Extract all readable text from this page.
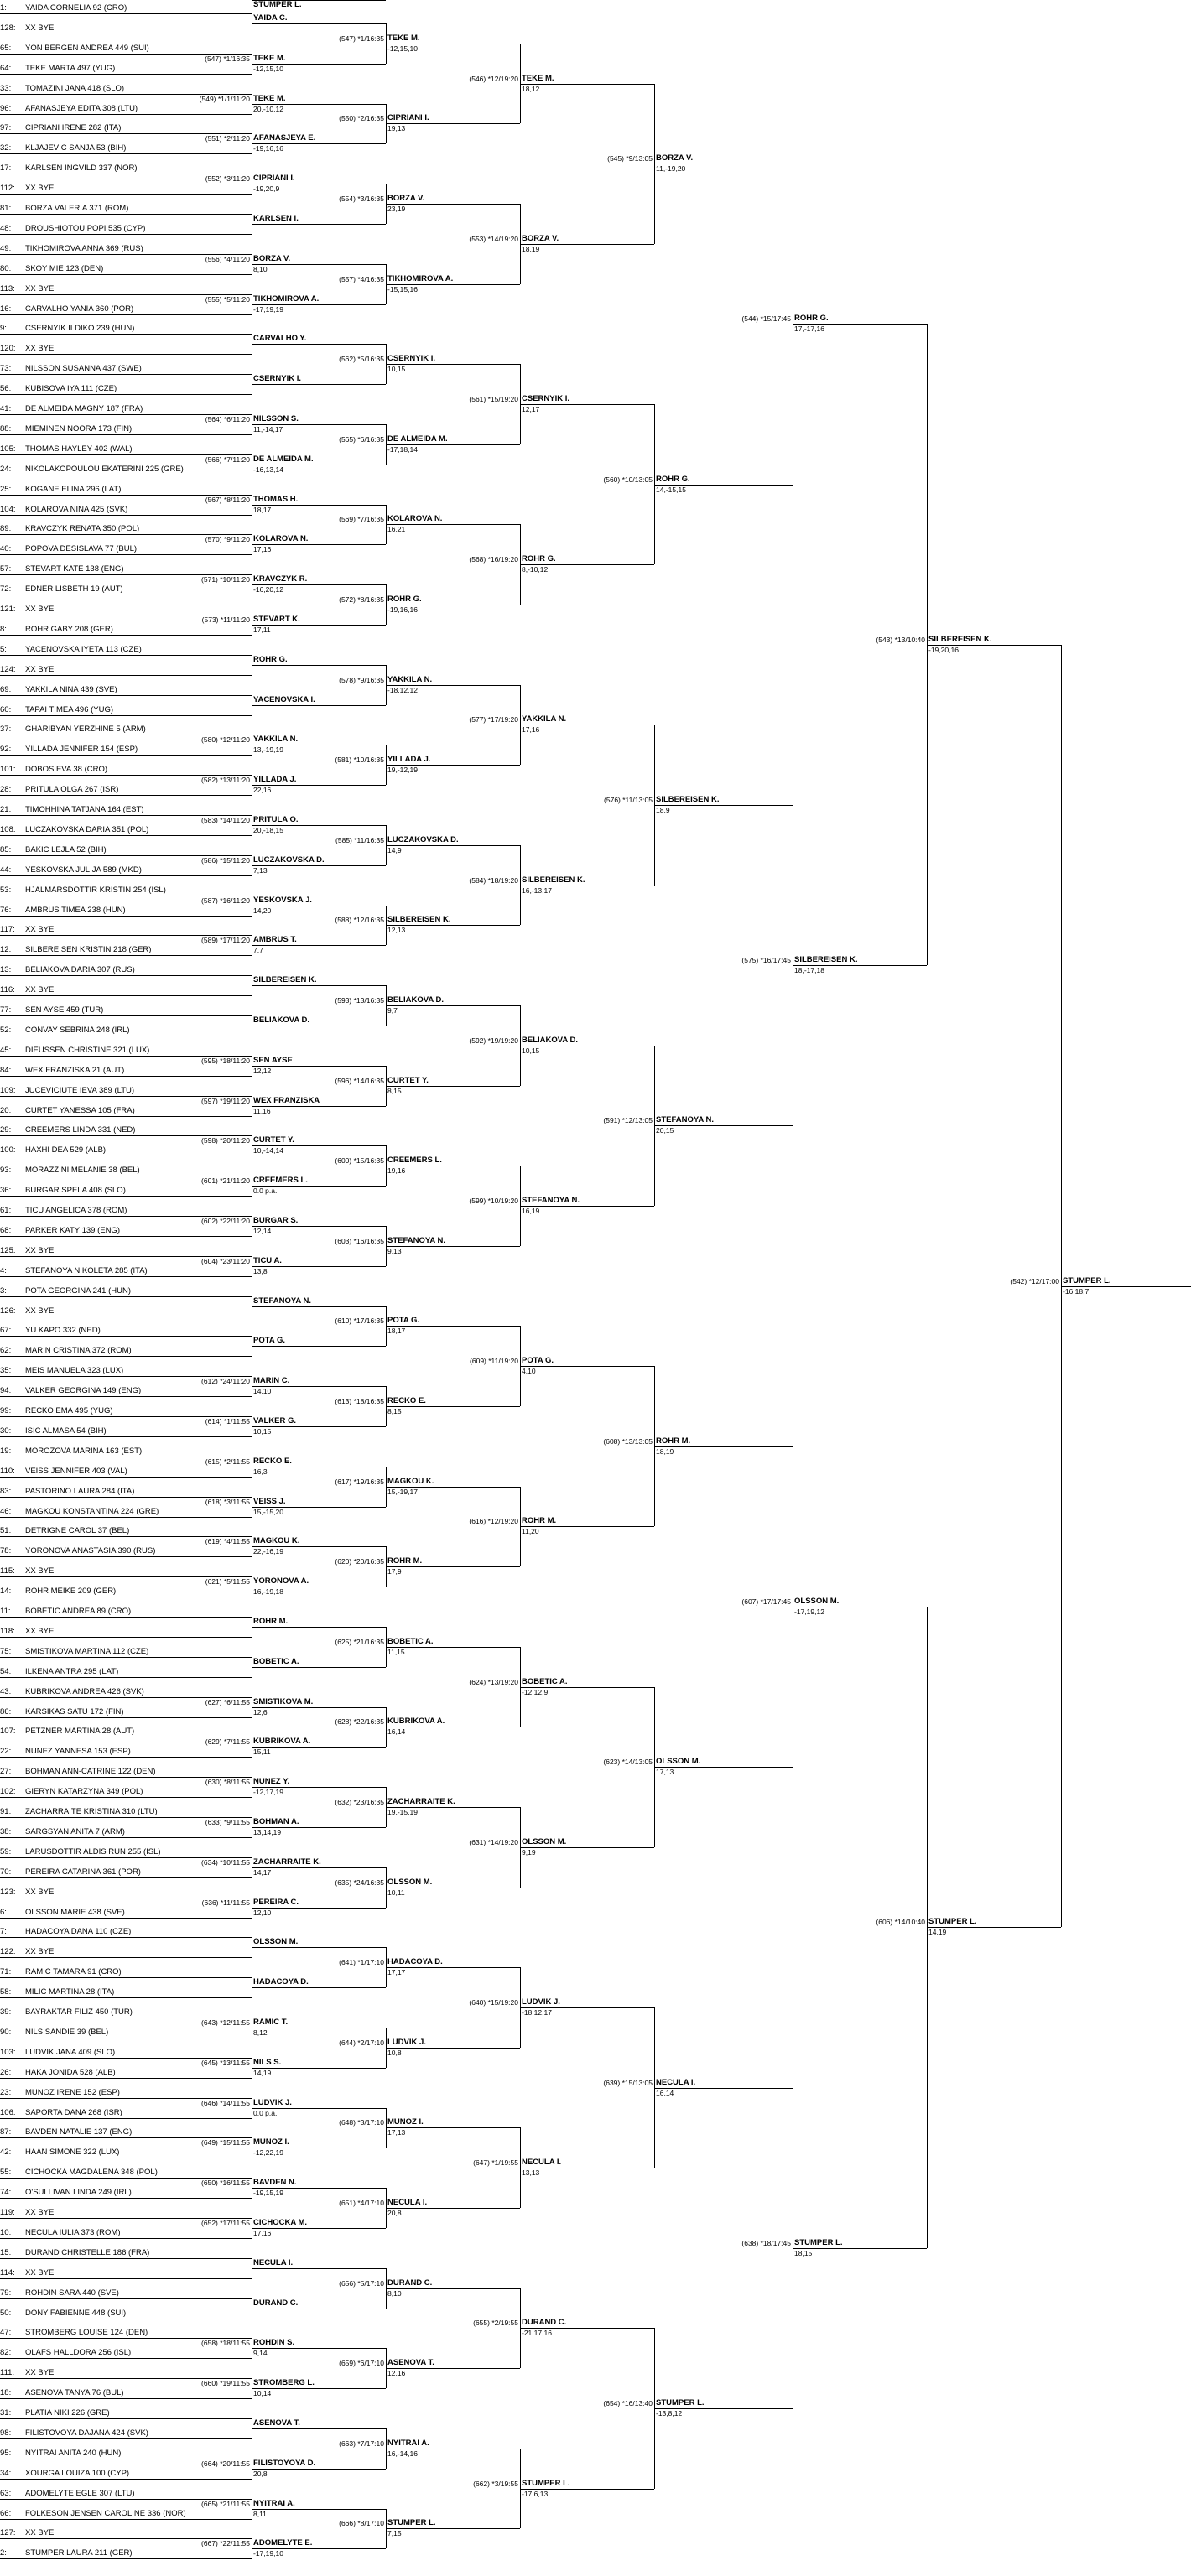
1: YAIDA CORNELIA 92 (CRO)
128: XX BYE
65: YON BERGEN ANDREA 449 (SUI)
64: TEKE MARTA 497 (YUG)
33: TOMAZINI JANA 418 (SLO)
96: AFANASJEYA EDITA 308 (LTU)
97: CIPRIANI IRENE 282 (ITA)
32: KLJAJEVIC SANJA 53 (BIH)
17: KARLSEN INGVILD 337 (NOR)
112: XX BYE
81: BORZA VALERIA 371 (ROM)
48: DROUSHIOTOU POPI 535 (CYP)
49: TIKHOMIROVA ANNA 369 (RUS)
80: SKOY MIE 123 (DEN)
113: XX BYE
16: CARVALHO YANIA 360 (POR)
9: CSERNYIK ILDIKO 239 (HUN)
120: XX BYE
73: NILSSON SUSANNA 437 (SWE)
56: KUBISOVA IYA 111 (CZE)
41: DE ALMEIDA MAGNY 187 (FRA)
88: MIEMINEN NOORA 173 (FIN)
105: THOMAS HAYLEY 402 (WAL)
24: NIKOLAKOPOULOU EKATERINI 225 (GRE)
25: KOGANE ELINA 296 (LAT)
104: KOLAROVA NINA 425 (SVK)
89: KRAVCZYK RENATA 350 (POL)
40: POPOVA DESISLAVA 77 (BUL)
57: STEVART KATE 138 (ENG)
72: EDNER LISBETH 19 (AUT)
121: XX BYE
8: ROHR GABY 208 (GER)
5: YACENOVSKA IYETA 113 (CZE)
124: XX BYE
69: YAKKILA NINA 439 (SVE)
60: TAPAI TIMEA 496 (YUG)
37: GHARIBYAN YERZHINE 5 (ARM)
92: YILLADA JENNIFER 154 (ESP)
101: DOBOS EVA 38 (CRO)
28: PRITULA OLGA 267 (ISR)
21: TIMOHHINA TATJANA 164 (EST)
108: LUCZAKOVSKA DARIA 351 (POL)
85: BAKIC LEJLA 52 (BIH)
44: YESKOVSKA JULIJA 589 (MKD)
53: HJALMARSDOTTIR KRISTIN 254 (ISL)
76: AMBRUS TIMEA 238 (HUN)
117: XX BYE
12: SILBEREISEN KRISTIN 218 (GER)
13: BELIAKOVA DARIA 307 (RUS)
116: XX BYE
77: SEN AYSE 459 (TUR)
52: CONVAY SEBRINA 248 (IRL)
45: DIEUSSEN CHRISTINE 321 (LUX)
84: WEX FRANZISKA 21 (AUT)
109: JUCEVICIUTE IEVA 389 (LTU)
20: CURTET YANESSA 105 (FRA)
29: CREEMERS LINDA 331 (NED)
100: HAXHI DEA 529 (ALB)
93: MORAZZINI MELANIE 38 (BEL)
36: BURGAR SPELA 408 (SLO)
61: TICU ANGELICA 378 (ROM)
68: PARKER KATY 139 (ENG)
125: XX BYE
4: STEFANOYA NIKOLETA 285 (ITA)
3: POTA GEORGINA 241 (HUN)
126: XX BYE
67: YU KAPO 332 (NED)
62: MARIN CRISTINA 372 (ROM)
35: MEIS MANUELA 323 (LUX)
94: VALKER GEORGINA 149 (ENG)
99: RECKO EMA 495 (YUG)
30: ISIC ALMASA 54 (BIH)
19: MOROZOVA MARINA 163 (EST)
110: VEISS JENNIFER 403 (VAL)
83: PASTORINO LAURA 284 (ITA)
46: MAGKOU KONSTANTINA 224 (GRE)
51: DETRIGNE CAROL 37 (BEL)
78: YORONOVA ANASTASIA 390 (RUS)
115: XX BYE
14: ROHR MEIKE 209 (GER)
11: BOBETIC ANDREA 89 (CRO)
118: XX BYE
75: SMISTIKOVA MARTINA 112 (CZE)
54: ILKENA ANTRA 295 (LAT)
43: KUBRIKOVA ANDREA 426 (SVK)
86: KARSIKAS SATU 172 (FIN)
107: PETZNER MARTINA 28 (AUT)
22: NUNEZ YANNESA 153 (ESP)
27: BOHMAN ANN-CATRINE 122 (DEN)
102: GIERYN KATARZYNA 349 (POL)
91: ZACHARRAITE KRISTINA 310 (LTU)
38: SARGSYAN ANITA 7 (ARM)
59: LARUSDOTTIR ALDIS RUN 255 (ISL)
70: PEREIRA CATARINA 361 (POR)
123: XX BYE
6: OLSSON MARIE 438 (SVE)
7: HADACOYA DANA 110 (CZE)
122: XX BYE
71: RAMIC TAMARA 91 (CRO)
58: MILIC MARTINA 28 (ITA)
39: BAYRAKTAR FILIZ 450 (TUR)
90: NILS SANDIE 39 (BEL)
103: LUDVIK JANA 409 (SLO)
26: HAKA JONIDA 528 (ALB)
23: MUNOZ IRENE 152 (ESP)
106: SAPORTA DANA 268 (ISR)
87: BAVDEN NATALIE 137 (ENG)
42: HAAN SIMONE 322 (LUX)
55: CICHOCKA MAGDALENA 348 (POL)
74: O'SULLIVAN LINDA 249 (IRL)
119: XX BYE
10: NECULA IULIA 373 (ROM)
15: DURAND CHRISTELLE 186 (FRA)
114: XX BYE
79: ROHDIN SARA 440 (SVE)
50: DONY FABIENNE 448 (SUI)
47: STROMBERG LOUISE 124 (DEN)
82: OLAFS HALLDORA 256 (ISL)
111: XX BYE
18: ASENOVA TANYA 76 (BUL)
31: PLATIA NIKI 226 (GRE)
98: FILISTOVOYA DAJANA 424 (SVK)
95: NYITRAI ANITA 240 (HUN)
34: XOURGA LOUIZA 100 (CYP)
63: ADOMELYTE EGLE 307 (LTU)
66: FOLKESON JENSEN CAROLINE 336 (NOR)
127: XX BYE
2: STUMPER LAURA 211 (GER)
YAIDA C.
(547) *1/16:35 TEKE M.
-12,15,10
(549) *1/1/11:20 TEKE M.
20,-10,12
(551) *2/11:20 AFANASJEYA E.
-19,16,16
(552) *3/11:20 CIPRIANI I.
-19,20,9
KARLSEN I.
(556) *4/11:20 BORZA V.
8,10
(555) *5/11:20 TIKHOMIROVA A.
-17,19,19
CARVALHO Y.
CSERNYIK I.
(564) *6/11:20 NILSSON S.
11,-14,17
(566) *7/11:20 DE ALMEIDA M.
-16,13,14
(567) *8/11:20 THOMAS H.
18,17
(570) *9/11:20 KOLAROVA N.
17,16
(571) *10/11:20 KRAVCZYK R.
-16,20,12
(573) *11/11:20 STEVART K.
17,11
ROHR G.
YACENOVSKA I.
(580) *12/11:20 YAKKILA N.
13,-19,19
(582) *13/11:20 YILLADA J.
22,16
(583) *14/11:20 PRITULA O.
20,-18,15
(586) *15/11:20 LUCZAKOVSKA D.
7,13
(587) *16/11:20 YESKOVSKA J.
14,20
(589) *17/11:20 AMBRUS T.
7,7
SILBEREISEN K.
BELIAKOVA D.
(595) *18/11:20 SEN AYSE
12,12
(597) *19/11:20 WEX FRANZISKA
11,16
(598) *20/11:20 CURTET Y.
10,-14,14
(601) *21/11:20 CREEMERS L.
0.0 p.a.
(602) *22/11:20 BURGAR S.
12,14
(604) *23/11:20 TICU A.
13,8
STEFANOYA N.
POTA G.
(612) *24/11:20 MARIN C.
14,10
(614) *1/11:55 VALKER G.
10,15
(615) *2/11:55 RECKO E.
16,3
(618) *3/11:55 VEISS J.
15,-15,20
(619) *4/11:55 MAGKOU K.
22,-16,19
(621) *5/11:55 YORONOVA A.
16,-19,18
ROHR M.
BOBETIC A.
(627) *6/11:55 SMISTIKOVA M.
12,6
(629) *7/11:55 KUBRIKOVA A.
15,11
(630) *8/11:55 NUNEZ Y.
-12,17,19
(633) *9/11:55 BOHMAN A.
13,14,19
(634) *10/11:55 ZACHARRAITE K.
14,17
(636) *11/11:55 PEREIRA C.
12,10
OLSSON M.
HADACOYA D.
(643) *12/11:55 RAMIC T.
8,12
(645) *13/11:55 NILS S.
14,19
(646) *14/11:55 LUDVIK J.
0.0 p.a.
(649) *15/11:55 MUNOZ I.
-12,22,19
(650) *16/11:55 BAVDEN N.
-19,15,19
(652) *17/11:55 CICHOCKA M.
17,16
NECULA I.
DURAND C.
(658) *18/11:55 ROHDIN S.
9,14
(660) *19/11:55 STROMBERG L.
10,14
ASENOVA T.
(664) *20/11:55 FILISTOYOYA D.
20,8
(665) *21/11:55 NYITRAI A.
8,11
(667) *22/11:55 ADOMELYTE E.
-17,19,10
STUMPER L.
(547) *1/16:35 TEKE M.
-12,15,10
(550) *2/16:35 CIPRIANI I.
19,13
(554) *3/16:35 BORZA V.
23,19
(557) *4/16:35 TIKHOMIROVA A.
-15,15,16
(562) *5/16:35 CSERNYIK I.
10,15
(565) *6/16:35 DE ALMEIDA M.
-17,18,14
(569) *7/16:35 KOLAROVA N.
16,21
(572) *8/16:35 ROHR G.
-19,16,16
(578) *9/16:35 YAKKILA N.
-18,12,12
(581) *10/16:35 YILLADA J.
19,-12,19
(585) *11/16:35 LUCZAKOVSKA D.
14,9
(588) *12/16:35 SILBEREISEN K.
12,13
(593) *13/16:35 BELIAKOVA D.
9,7
(596) *14/16:35 CURTET Y.
8,15
(600) *15/16:35 CREEMERS L.
19,16
(603) *16/16:35 STEFANOYA N.
9,13
(610) *17/16:35 POTA G.
18,17
(613) *18/16:35 RECKO E.
8,15
(617) *19/16:35 MAGKOU K.
15,-19,17
(620) *20/16:35 ROHR M.
17,9
(625) *21/16:35 BOBETIC A.
11,15
(628) *22/16:35 KUBRIKOVA A.
16,14
(632) *23/16:35 ZACHARRAITE K.
19,-15,19
(635) *24/16:35 OLSSON M.
10,11
(641) *1/17:10 HADACOYA D.
17,17
(644) *2/17:10 LUDVIK J.
10,8
(648) *3/17:10 MUNOZ I.
17,13
(651) *4/17:10 NECULA I.
20,8
(656) *5/17:10 DURAND C.
8,10
(659) *6/17:10 ASENOVA T.
12,16
(663) *7/17:10 NYITRAI A.
16,-14,16
(666) *8/17:10 STUMPER L.
7,15
(546) *12/19:20 TEKE M.
18,12
(553) *14/19:20 BORZA V.
18,19
(561) *15/19:20 CSERNYIK I.
12,17
(568) *16/19:20 ROHR G.
8,-10,12
(577) *17/19:20 YAKKILA N.
17,16
(584) *18/19:20 SILBEREISEN K.
16,-13,17
(592) *19/19:20 BELIAKOVA D.
10,15
(599) *10/19:20 STEFANOYA N.
16,19
(609) *11/19:20 POTA G.
4,10
(616) *12/19:20 ROHR M.
11,20
(624) *13/19:20 BOBETIC A.
-12,12,9
(631) *14/19:20 OLSSON M.
9,19
(640) *15/19:20 LUDVIK J.
-18,12,17
(647) *1/19:55 NECULA I.
13,13
(655) *2/19:55 DURAND C.
-21,17,16
(662) *3/19:55 STUMPER L.
-17,6,13
(545) *9/13:05 BORZA V.
11,-19,20
(560) *10/13:05 ROHR G.
14,-15,15
(576) *11/13:05 SILBEREISEN K.
18,9
(591) *12/13:05 STEFANOYA N.
20,15
(608) *13/13:05 ROHR M.
18,19
(623) *14/13:05 OLSSON M.
17,13
(639) *15/13:05 NECULA I.
16,14
(654) *16/13:40 STUMPER L.
-13,8,12
(544) *15/17:45 ROHR G.
17,-17,16
(575) *16/17:45 SILBEREISEN K.
18,-17,18
(607) *17/17:45 OLSSON M.
-17,19,12
(638) *18/17:45 STUMPER L.
18,15
(543) *13/10:40 SILBEREISEN K.
-19,20,16
(606) *14/10:40 STUMPER L.
14,19
(542) *12/17:00 STUMPER L.
-16,18,7
